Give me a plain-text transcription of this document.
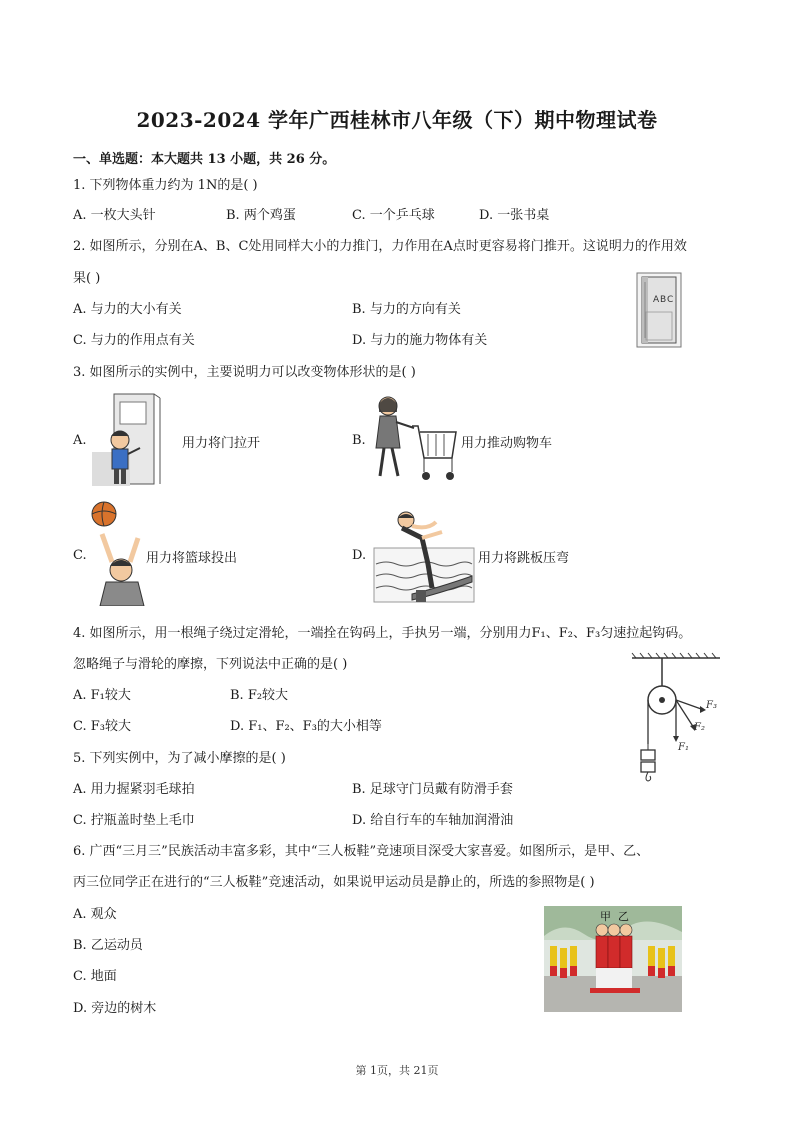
2023-2024 学年广西桂林市八年级（下）期中物理试卷
一、单选题：本大题共 13 小题，共 26 分。
1. 下列物体重力约为 1N的是( )
A. 一枚大头针	B. 两个鸡蛋	C. 一个乒乓球	D. 一张书桌
2. 如图所示，分别在A、B、C处用同样大小的力推门，力作用在A点时更容易将门推开。这说明力的作用效
果( )
A. 与力的大小有关	B. 与力的方向有关
C. 与力的作用点有关	D. 与力的施力物体有关
A B C
3. 如图所示的实例中，主要说明力可以改变物体形状的是( )
A.	用力将门拉开	B.	用力推动购物车
C.	用力将篮球投出	D.	用力将跳板压弯
4. 如图所示，用一根绳子绕过定滑轮，一端拴在钩码上，手执另一端，分别用力F₁、F₂、F₃匀速拉起钩码。
忽略绳子与滑轮的摩擦，下列说法中正确的是( )
A. F₁较大	B. F₂较大
C. F₃较大	D. F₁、F₂、F₃的大小相等
F₁
F₂
F₃
5. 下列实例中，为了减小摩擦的是( )
A. 用力握紧羽毛球拍	B. 足球守门员戴有防滑手套
C. 拧瓶盖时垫上毛巾	D. 给自行车的车轴加润滑油
6. 广西“三月三”民族活动丰富多彩，其中“三人板鞋”竞速项目深受大家喜爱。如图所示，是甲、乙、
丙三位同学正在进行的“三人板鞋”竞速活动，如果说甲运动员是静止的，所选的参照物是( )
A. 观众
B. 乙运动员
C. 地面
D. 旁边的树木
甲 乙
第 1页，共 21页
